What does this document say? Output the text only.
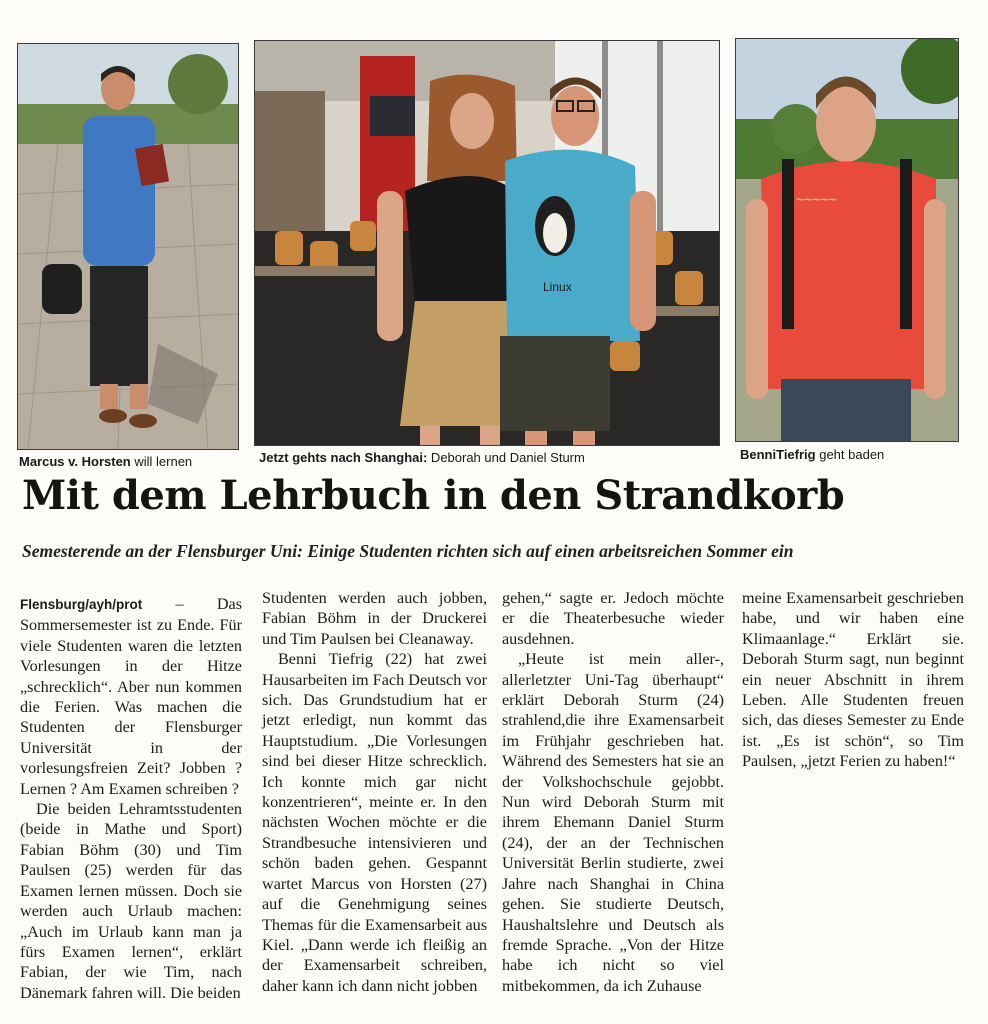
Marcus v. Horsten will lernen
Linux
Jetzt gehts nach Shanghai: Deborah und Daniel Sturm
~~~~~
BenniTiefrig geht baden
Mit dem Lehrbuch in den Strandkorb
Semesterende an der Flensburger Uni: Einige Studenten richten sich auf einen arbeitsreichen Sommer ein

Flensburg/ayh/prot – Das Sommersemester ist zu Ende. Für viele Studenten waren die letzten Vorlesungen in der Hitze „schrecklich“. Aber nun kommen die Ferien. Was machen die Studenten der Flensburger Universität in der vorlesungsfreien Zeit? Jobben ? Lernen ? Am Examen schreiben ?

Die beiden Lehramtsstudenten (beide in Mathe und Sport) Fabian Böhm (30) und Tim Paulsen (25) werden für das Examen lernen müssen. Doch sie werden auch Urlaub machen: „Auch im Urlaub kann man ja fürs Examen lernen“, erklärt Fabian, der wie Tim, nach Dänemark fahren will. Die beiden

Studenten werden auch jobben, Fabian Böhm in der Druckerei und Tim Paulsen bei Cleanaway.

Benni Tiefrig (22) hat zwei Hausarbeiten im Fach Deutsch vor sich. Das Grundstudium hat er jetzt erledigt, nun kommt das Hauptstudium. „Die Vorlesungen sind bei dieser Hitze schrecklich. Ich konnte mich gar nicht konzentrieren“, meinte er. In den nächsten Wochen möchte er die Strandbesuche intensivieren und schön baden gehen. Gespannt wartet Marcus von Horsten (27) auf die Genehmigung seines Themas für die Examensarbeit aus Kiel. „Dann werde ich fleißig an der Examensarbeit schreiben, daher kann ich dann nicht jobben

gehen,“ sagte er. Jedoch möchte er die Theaterbesuche wieder ausdehnen.

„Heute ist mein aller-, allerletzter Uni-Tag überhaupt“ erklärt Deborah Sturm (24) strahlend,die ihre Examensarbeit im Frühjahr geschrieben hat. Während des Semesters hat sie an der Volkshochschule gejobbt. Nun wird Deborah Sturm mit ihrem Ehemann Daniel Sturm (24), der an der Technischen Universität Berlin studierte, zwei Jahre nach Shanghai in China gehen. Sie studierte Deutsch, Haushaltslehre und Deutsch als fremde Sprache. „Von der Hitze habe ich nicht so viel mitbekommen, da ich Zuhause

meine Examensarbeit geschrieben habe, und wir haben eine Klimaanlage.“ Erklärt sie. Deborah Sturm sagt, nun beginnt ein neuer Abschnitt in ihrem Leben. Alle Studenten freuen sich, das dieses Semester zu Ende ist. „Es ist schön“, so Tim Paulsen, „jetzt Ferien zu haben!“
